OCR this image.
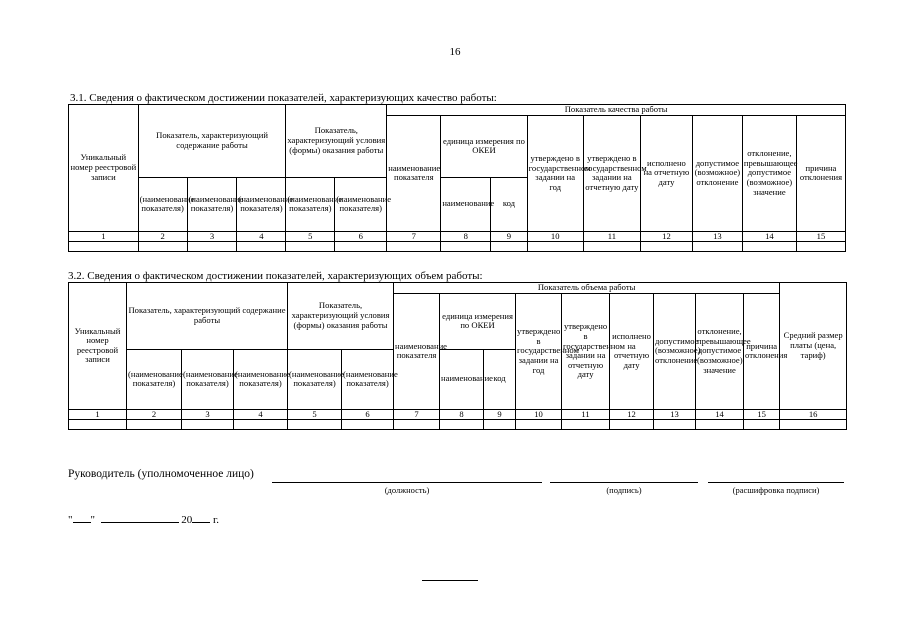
16
3.1. Сведения о фактическом достижении показателей, характеризующих качество работы:
Уникальный номер реестровой записи	Показатель, характеризующий содержание работы			Показатель, характеризующий условия (формы) оказания работы		Показатель качества работы								
						наименование показателя	единица измерения по ОКЕИ		утверждено в государственном задании на год	утверждено в государственном задании на отчетную дату	исполнено на отчетную дату	допустимое (возможное) отклонение	отклонение, превышающее допустимое (возможное) значение	причина отклонения
	(наименование показателя)	(наименование показателя)	(наименование показателя)	(наименование показателя)	(наименование показателя)		наименование	код						
1	2	3	4	5	6	7	8	9	10	11	12	13	14	15

3.2. Сведения о фактическом достижении показателей, характеризующих объем работы:
Уникальный номер реестровой записи	Показатель, характеризующий содержание работы			Показатель, характеризующий условия (формы) оказания работы		Показатель объема работы									Средний размер платы (цена, тариф)
						наименование показателя	единица измерения по ОКЕИ		утверждено в государственном задании на год	утверждено в государственном задании на отчетную дату	исполнено на отчетную дату	допустимое (возможное) отклонение	отклонение, превышающее допустимое (возможное) значение	причина отклонения	
	(наименование показателя)	(наименование показателя)	(наименование показателя)	(наименование показателя)	(наименование показателя)		наименование	код							
1	2	3	4	5	6	7	8	9	10	11	12	13	14	15	16

Руководитель (уполномоченное лицо)
(должность)	(подпись)	(расшифровка подписи)
" "	20 г.
